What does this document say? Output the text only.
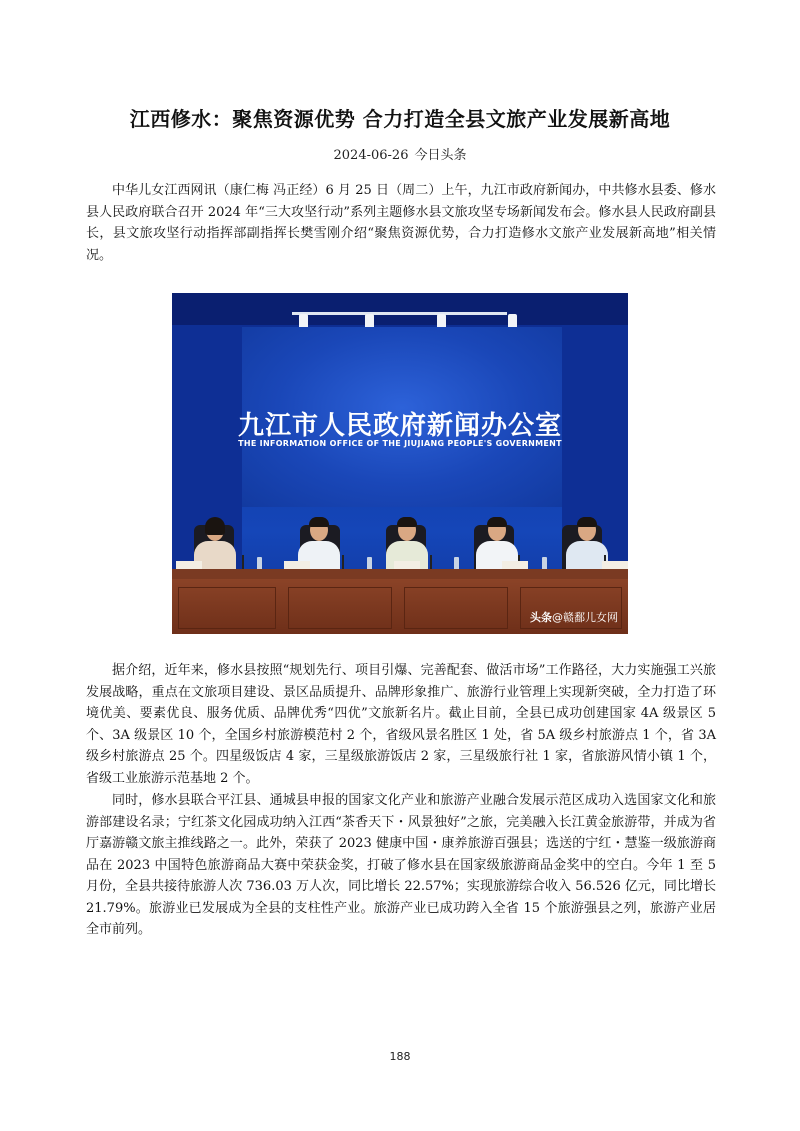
江西修水：聚焦资源优势 合力打造全县文旅产业发展新高地
2024-06-26 今日头条

中华儿女江西网讯（康仁梅 冯正经）6 月 25 日（周二）上午，九江市政府新闻办，中共修水县委、修水县人民政府联合召开 2024 年“三大攻坚行动”系列主题修水县文旅攻坚专场新闻发布会。修水县人民政府副县长，县文旅攻坚行动指挥部副指挥长樊雪刚介绍“聚焦资源优势，合力打造修水文旅产业发展新高地”相关情况。

九江市人民政府新闻办公室
THE INFORMATION OFFICE OF THE JIUJIANG PEOPLE'S GOVERNMENT
头条@赣鄱儿女网

据介绍，近年来，修水县按照“规划先行、项目引爆、完善配套、做活市场”工作路径，大力实施强工兴旅发展战略，重点在文旅项目建设、景区品质提升、品牌形象推广、旅游行业管理上实现新突破，全力打造了环境优美、要素优良、服务优质、品牌优秀“四优”文旅新名片。截止目前，全县已成功创建国家 4A 级景区 5 个、3A 级景区 10 个，全国乡村旅游模范村 2 个，省级风景名胜区 1 处，省 5A 级乡村旅游点 1 个，省 3A 级乡村旅游点 25 个。四星级饭店 4 家，三星级旅游饭店 2 家，三星级旅行社 1 家，省旅游风情小镇 1 个，省级工业旅游示范基地 2 个。

同时，修水县联合平江县、通城县申报的国家文化产业和旅游产业融合发展示范区成功入选国家文化和旅游部建设名录；宁红茶文化园成功纳入江西“茶香天下・风景独好”之旅，完美融入长江黄金旅游带，并成为省厅嘉游赣文旅主推线路之一。此外，荣获了 2023 健康中国・康养旅游百强县；选送的宁红・慧鉴一级旅游商品在 2023 中国特色旅游商品大赛中荣获金奖，打破了修水县在国家级旅游商品金奖中的空白。今年 1 至 5 月份，全县共接待旅游人次 736.03 万人次，同比增长 22.57%；实现旅游综合收入 56.526 亿元，同比增长 21.79%。旅游业已发展成为全县的支柱性产业。旅游产业已成功跨入全省 15 个旅游强县之列，旅游产业居全市前列。

188
